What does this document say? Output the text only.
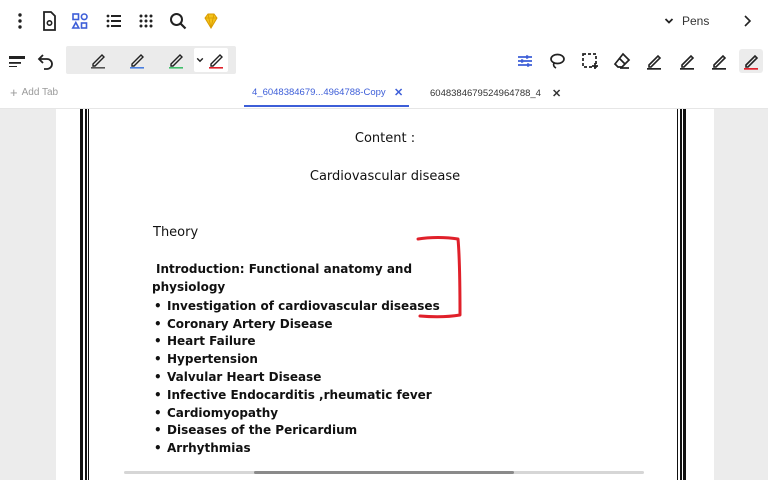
Pens
+ Add Tab	4_6048384679...4964788-Copy ✕	6048384679524964788_4 ✕
Content :
Cardiovascular disease
Theory
Introduction: Functional anatomy and
physiology
• Investigation of cardiovascular diseases
• Coronary Artery Disease
• Heart Failure
• Hypertension
• Valvular Heart Disease
• Infective Endocarditis ,rheumatic fever
• Cardiomyopathy
• Diseases of the Pericardium
• Arrhythmias
